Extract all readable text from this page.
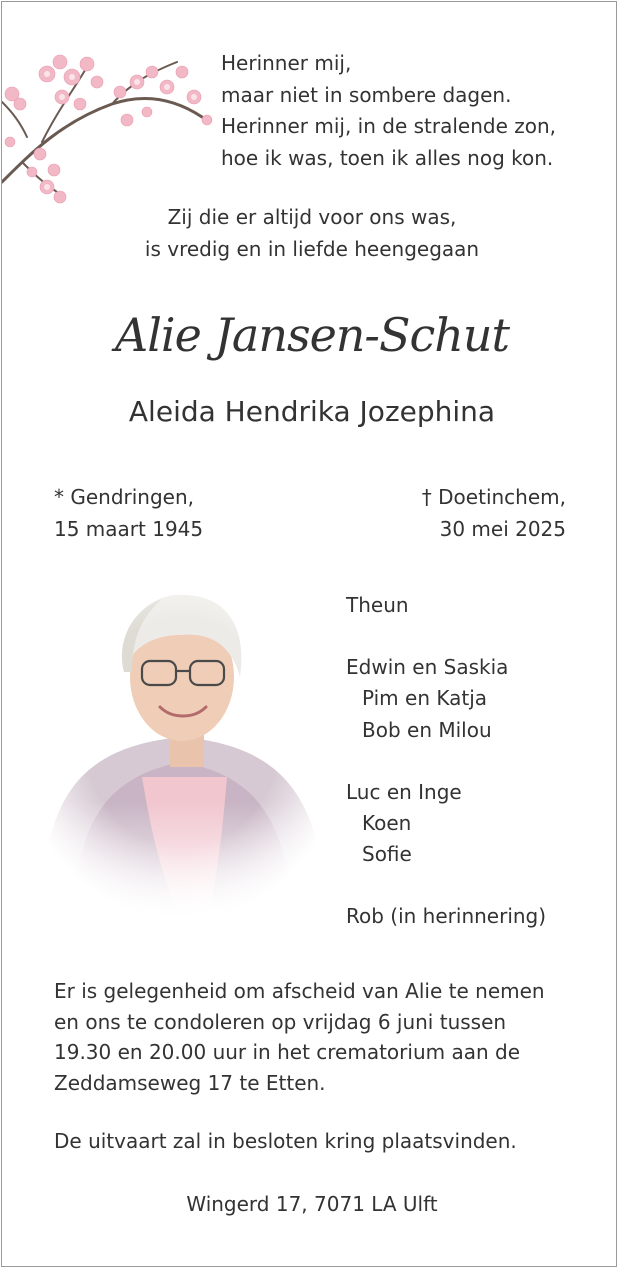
Herinner mij,
maar niet in sombere dagen.
Herinner mij, in de stralende zon,
hoe ik was, toen ik alles nog kon.
Zij die er altijd voor ons was,
is vredig en in liefde heengegaan
Alie Jansen-Schut
Aleida Hendrika Jozephina
* Gendringen,
15 maart 1945
† Doetinchem,
30 mei 2025
Theun
Edwin en Saskia
Pim en Katja
Bob en Milou
Luc en Inge
Koen
Sofie
Rob (in herinnering)
Er is gelegenheid om afscheid van Alie te nemen
en ons te condoleren op vrijdag 6 juni tussen
19.30 en 20.00 uur in het crematorium aan de
Zeddamseweg 17 te Etten.
De uitvaart zal in besloten kring plaatsvinden.
Wingerd 17, 7071 LA Ulft
